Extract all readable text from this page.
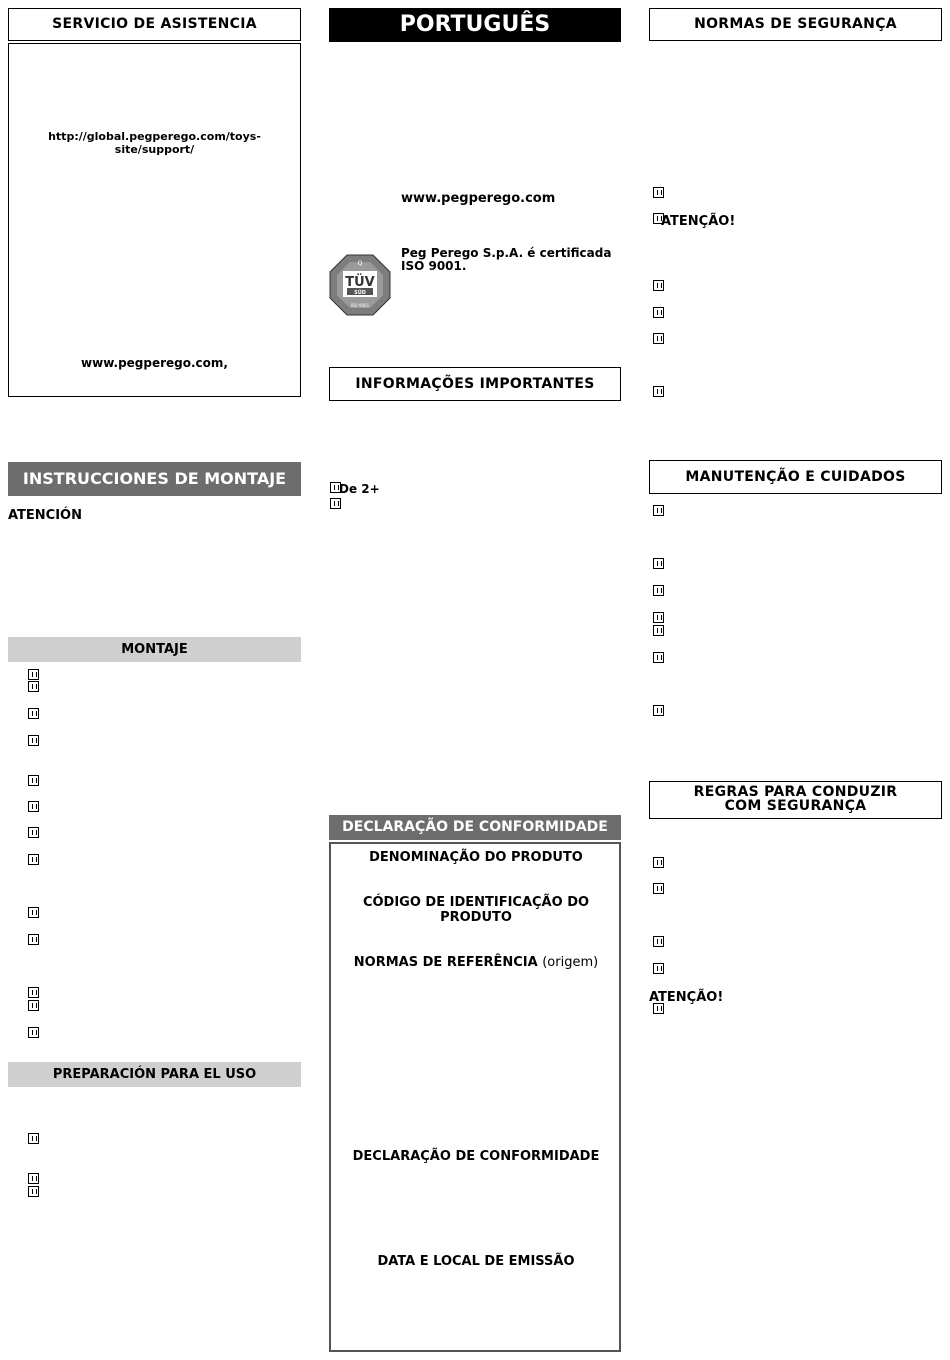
SERVICIO DE ASISTENCIA
http://global.pegperego.com/toys-site/support/
www.pegperego.com,
INSTRUCCIONES DE MONTAJE
ATENCIÓN
MONTAJE
PREPARACIÓN PARA EL USO
PORTUGUÊS
www.pegperego.com
Q
TÜV
SÜD
ISO 9001
Peg Perego S.p.A. é certificada
ISO 9001.
INFORMAÇÕES IMPORTANTES
De 2+
DECLARAÇÃO DE CONFORMIDADE
DENOMINAÇÃO DO PRODUTO
CÓDIGO DE IDENTIFICAÇÃO DO PRODUTO
NORMAS DE REFERÊNCIA (origem)
DECLARAÇÃO DE CONFORMIDADE
DATA E LOCAL DE EMISSÃO
NORMAS DE SEGURANÇA
ATENÇÃO!
MANUTENÇÃO E CUIDADOS
REGRAS PARA CONDUZIR
COM SEGURANÇA
ATENÇÃO!
